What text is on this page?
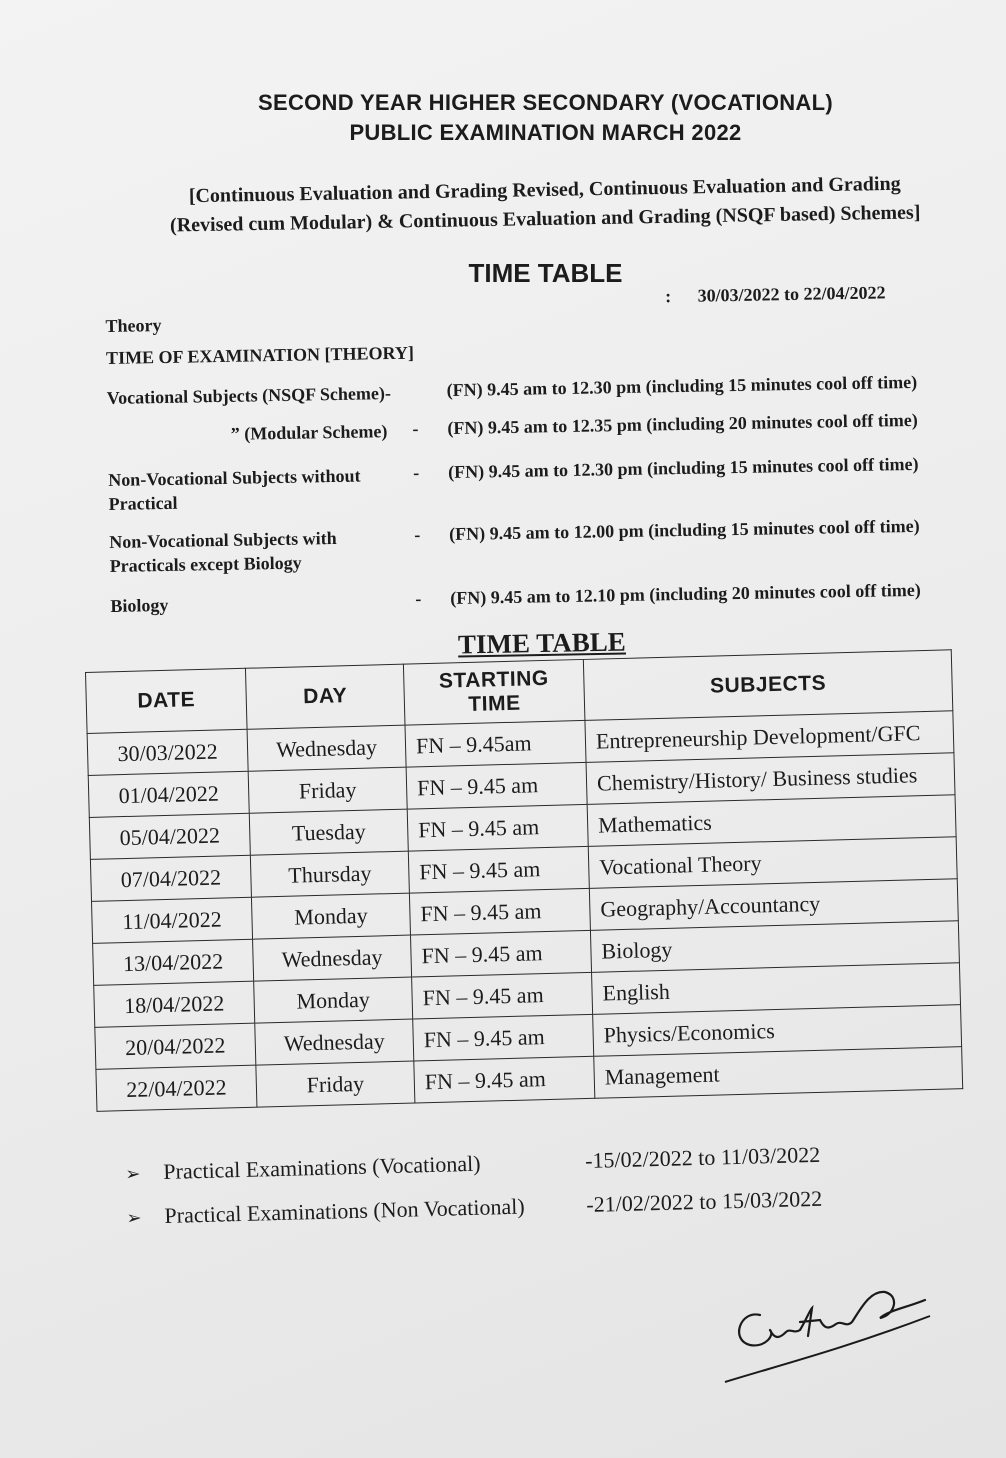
SECOND YEAR HIGHER SECONDARY (VOCATIONAL)
PUBLIC EXAMINATION MARCH 2022
[Continuous Evaluation and Grading Revised, Continuous Evaluation and Grading
(Revised cum Modular) & Continuous Evaluation and Grading (NSQF based) Schemes]
TIME TABLE
: 30/03/2022 to 22/04/2022
Theory
TIME OF EXAMINATION [THEORY]
Vocational Subjects (NSQF Scheme)-	(FN) 9.45 am to 12.30 pm (including 15 minutes cool off time)
” (Modular Scheme) - (FN) 9.45 am to 12.35 pm (including 20 minutes cool off time)
Non-Vocational Subjects without Practical
- (FN) 9.45 am to 12.30 pm (including 15 minutes cool off time)
Non-Vocational Subjects with Practicals except Biology
- (FN) 9.45 am to 12.00 pm (including 15 minutes cool off time)
Biology	- (FN) 9.45 am to 12.10 pm (including 20 minutes cool off time)
TIME TABLE
DATE	DAY	STARTING TIME	SUBJECTS
30/03/2022	Wednesday	FN – 9.45am	Entrepreneurship Development/GFC
01/04/2022	Friday	FN – 9.45 am	Chemistry/History/ Business studies
05/04/2022	Tuesday	FN – 9.45 am	Mathematics
07/04/2022	Thursday	FN – 9.45 am	Vocational Theory
11/04/2022	Monday	FN – 9.45 am	Geography/Accountancy
13/04/2022	Wednesday	FN – 9.45 am	Biology
18/04/2022	Monday	FN – 9.45 am	English
20/04/2022	Wednesday	FN – 9.45 am	Physics/Economics
22/04/2022	Friday	FN – 9.45 am	Management
➢ Practical Examinations (Vocational)	-15/02/2022 to 11/03/2022
➢ Practical Examinations (Non Vocational)	-21/02/2022 to 15/03/2022
